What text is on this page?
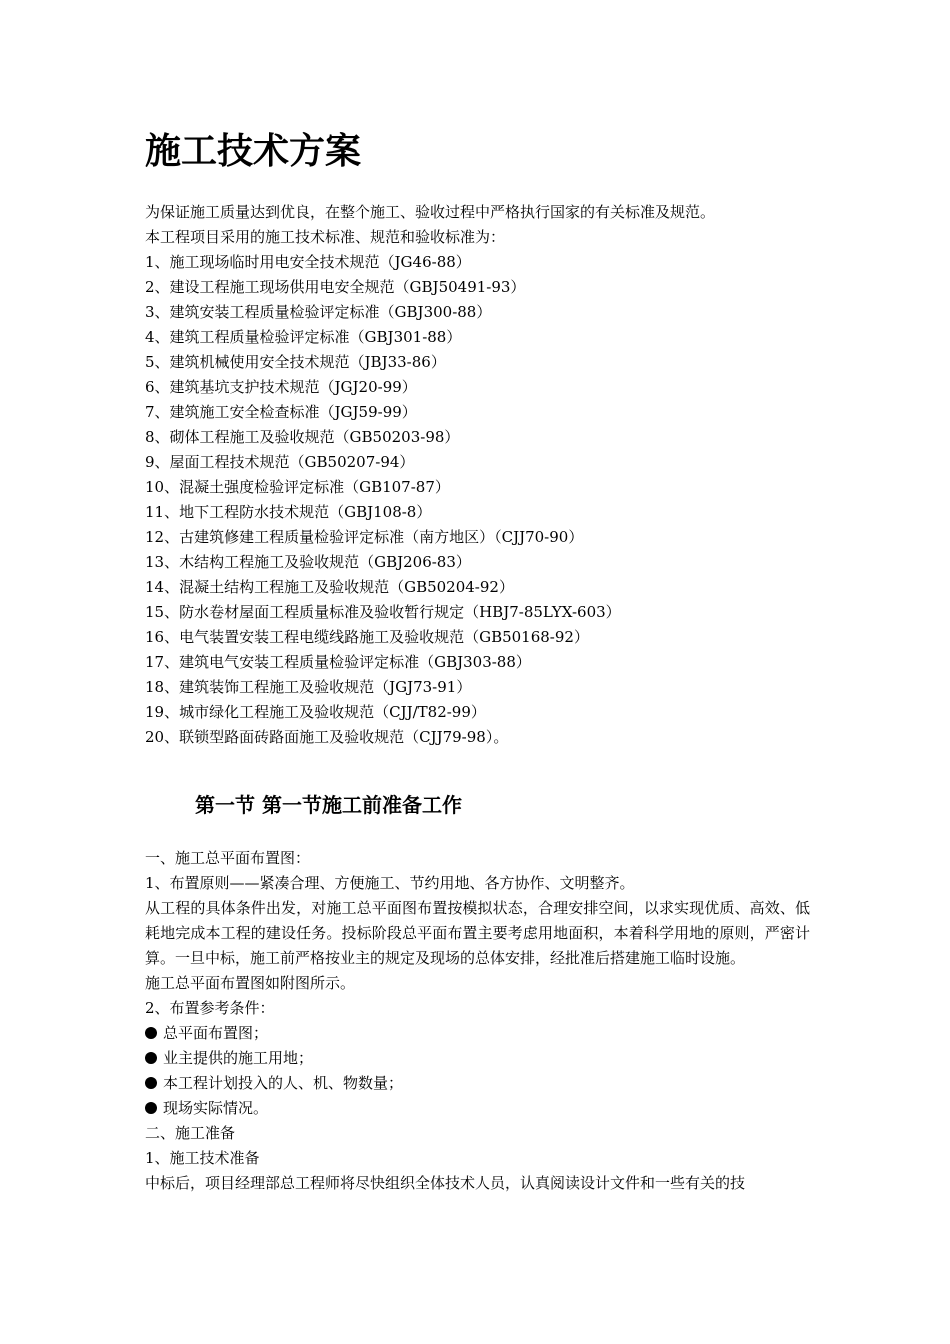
施工技术方案
为保证施工质量达到优良，在整个施工、验收过程中严格执行国家的有关标准及规范。
本工程项目采用的施工技术标准、规范和验收标准为：
1、施工现场临时用电安全技术规范（JG46-88）
2、建设工程施工现场供用电安全规范（GBJ50491-93）
3、建筑安装工程质量检验评定标准（GBJ300-88）
4、建筑工程质量检验评定标准（GBJ301-88）
5、建筑机械使用安全技术规范（JBJ33-86）
6、建筑基坑支护技术规范（JGJ20-99）
7、建筑施工安全检查标准（JGJ59-99）
8、砌体工程施工及验收规范（GB50203-98）
9、屋面工程技术规范（GB50207-94）
10、混凝土强度检验评定标准（GB107-87）
11、地下工程防水技术规范（GBJ108-8）
12、古建筑修建工程质量检验评定标准（南方地区）（CJJ70-90）
13、木结构工程施工及验收规范（GBJ206-83）
14、混凝土结构工程施工及验收规范（GB50204-92）
15、防水卷材屋面工程质量标准及验收暂行规定（HBJ7-85LYX-603）
16、电气装置安装工程电缆线路施工及验收规范（GB50168-92）
17、建筑电气安装工程质量检验评定标准（GBJ303-88）
18、建筑装饰工程施工及验收规范（JGJ73-91）
19、城市绿化工程施工及验收规范（CJJ/T82-99）
20、联锁型路面砖路面施工及验收规范（CJJ79-98）。
第一节 第一节施工前准备工作
一、施工总平面布置图：
1、布置原则——紧凑合理、方便施工、节约用地、各方协作、文明整齐。
从工程的具体条件出发，对施工总平面图布置按模拟状态，合理安排空间，以求实现优质、高效、低耗地完成本工程的建设任务。投标阶段总平面布置主要考虑用地面积，本着科学用地的原则，严密计算。一旦中标，施工前严格按业主的规定及现场的总体安排，经批准后搭建施工临时设施。
施工总平面布置图如附图所示。
2、布置参考条件：
总平面布置图；
业主提供的施工用地；
本工程计划投入的人、机、物数量；
现场实际情况。
二、施工准备
1、施工技术准备
中标后，项目经理部总工程师将尽快组织全体技术人员，认真阅读设计文件和一些有关的技
